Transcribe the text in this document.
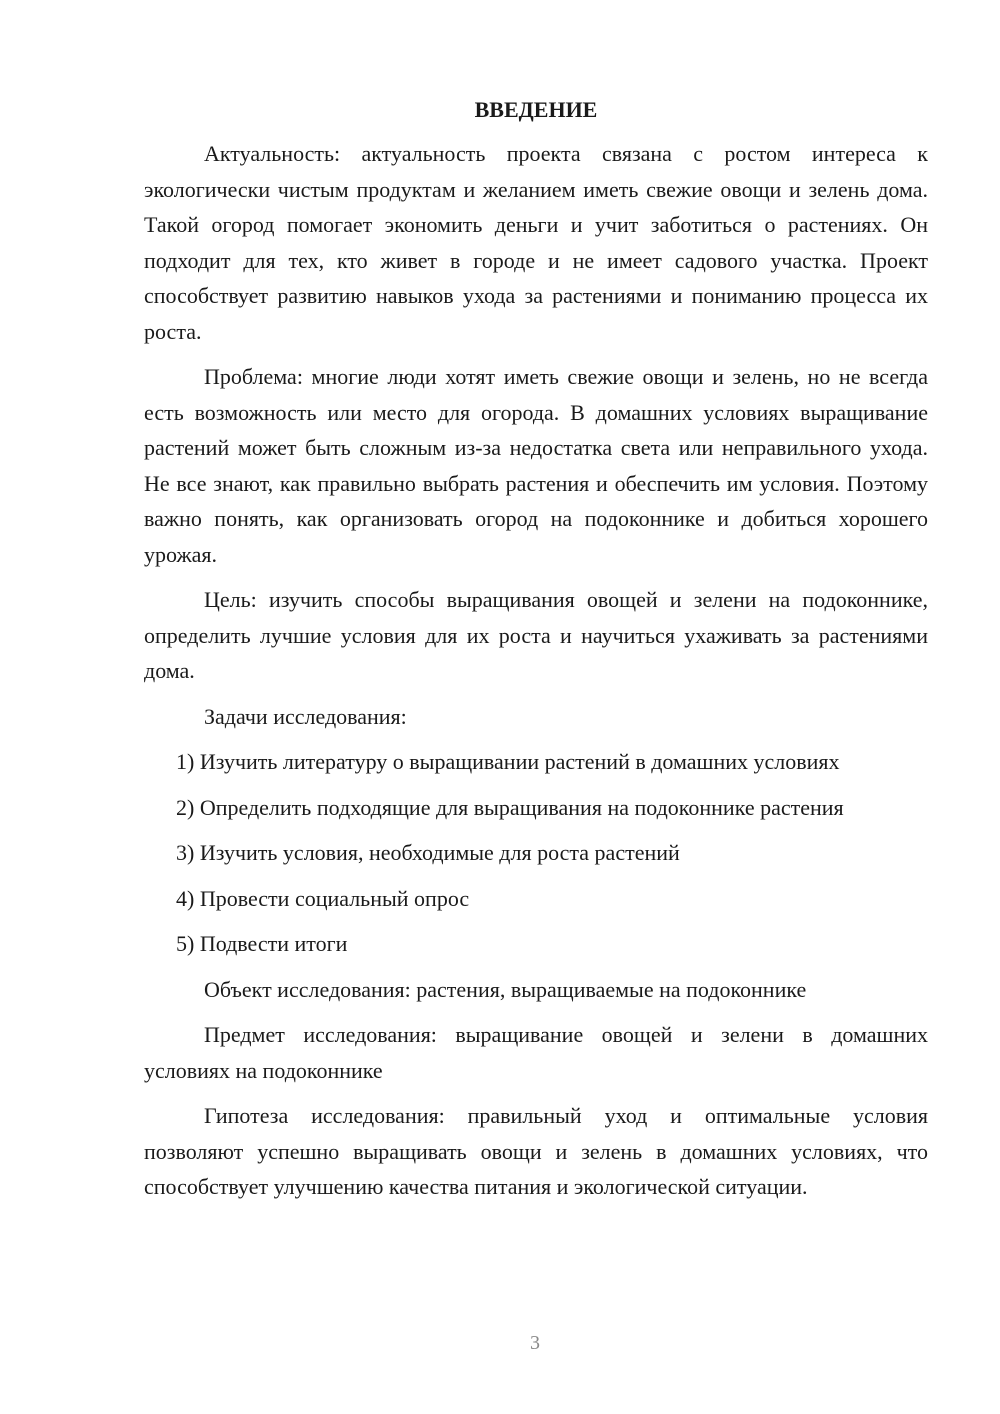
ВВЕДЕНИЕ

Актуальность: актуальность проекта связана с ростом интереса к экологически чистым продуктам и желанием иметь свежие овощи и зелень дома. Такой огород помогает экономить деньги и учит заботиться о растениях. Он подходит для тех, кто живет в городе и не имеет садового участка. Проект способствует развитию навыков ухода за растениями и пониманию процесса их роста.

Проблема: многие люди хотят иметь свежие овощи и зелень, но не всегда есть возможность или место для огорода. В домашних условиях выращивание растений может быть сложным из-за недостатка света или неправильного ухода. Не все знают, как правильно выбрать растения и обеспечить им условия. Поэтому важно понять, как организовать огород на подоконнике и добиться хорошего урожая.

Цель: изучить способы выращивания овощей и зелени на подоконнике, определить лучшие условия для их роста и научиться ухаживать за растениями дома.

Задачи исследования:

1) Изучить литературу о выращивании растений в домашних условиях

2) Определить подходящие для выращивания на подоконнике растения

3) Изучить условия, необходимые для роста растений

4) Провести социальный опрос

5) Подвести итоги

Объект исследования: растения, выращиваемые на подоконнике

Предмет исследования: выращивание овощей и зелени в домашних условиях на подоконнике

Гипотеза исследования: правильный уход и оптимальные условия позволяют успешно выращивать овощи и зелень в домашних условиях, что способствует улучшению качества питания и экологической ситуации.

3
